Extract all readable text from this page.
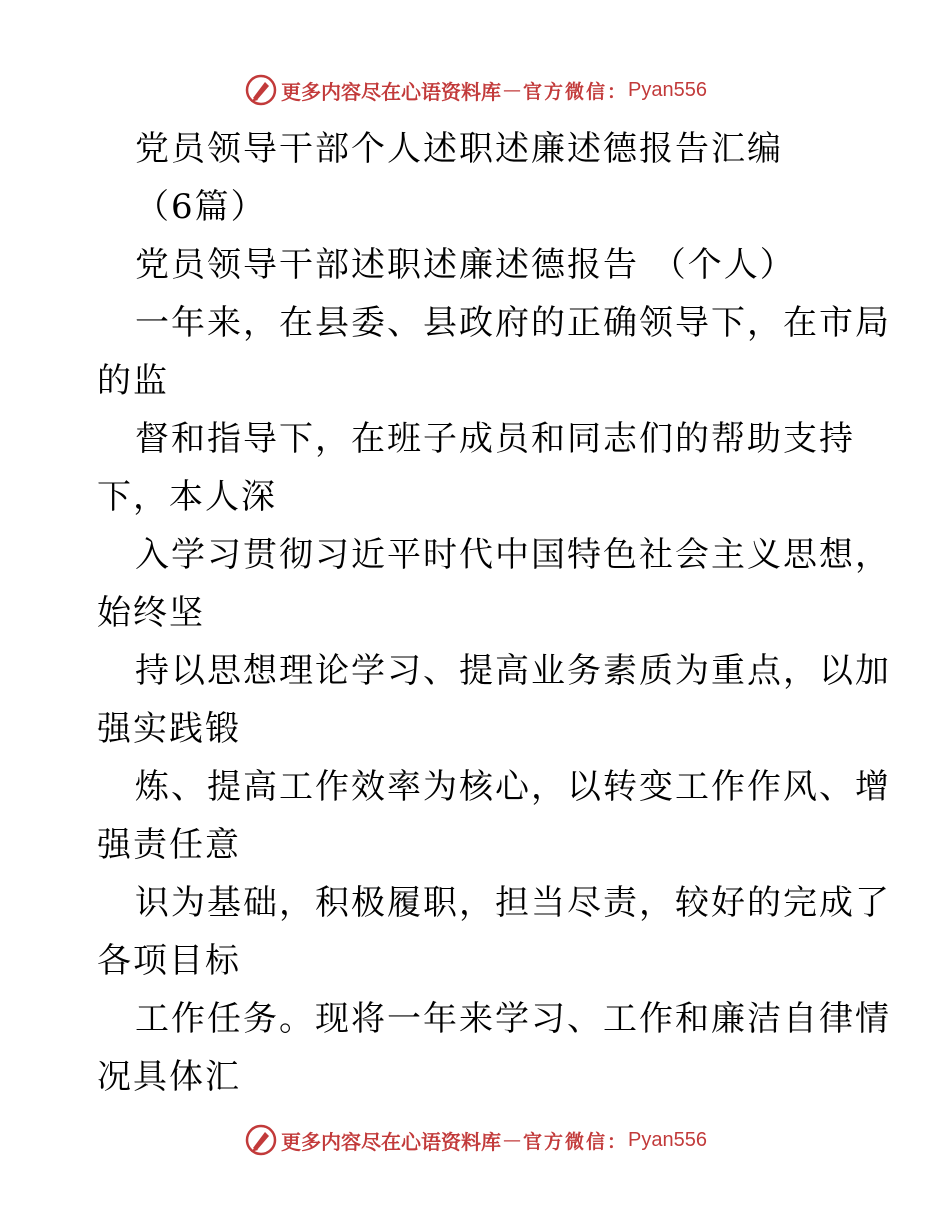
更多内容尽在心语资料库 — 官方微信： Pyan556
党员领导干部个人述职述廉述德报告汇编
（6篇）
党员领导干部述职述廉述德报告 （个人）
一年来，在县委、县政府的正确领导下，在市局
的监
督和指导下，在班子成员和同志们的帮助支持
下，本人深
入学习贯彻习近平时代中国特色社会主义思想，
始终坚
持以思想理论学习、提高业务素质为重点，以加
强实践锻
炼、提高工作效率为核心，以转变工作作风、增
强责任意
识为基础，积极履职，担当尽责，较好的完成了
各项目标
工作任务。现将一年来学习、工作和廉洁自律情
况具体汇
更多内容尽在心语资料库 — 官方微信： Pyan556
